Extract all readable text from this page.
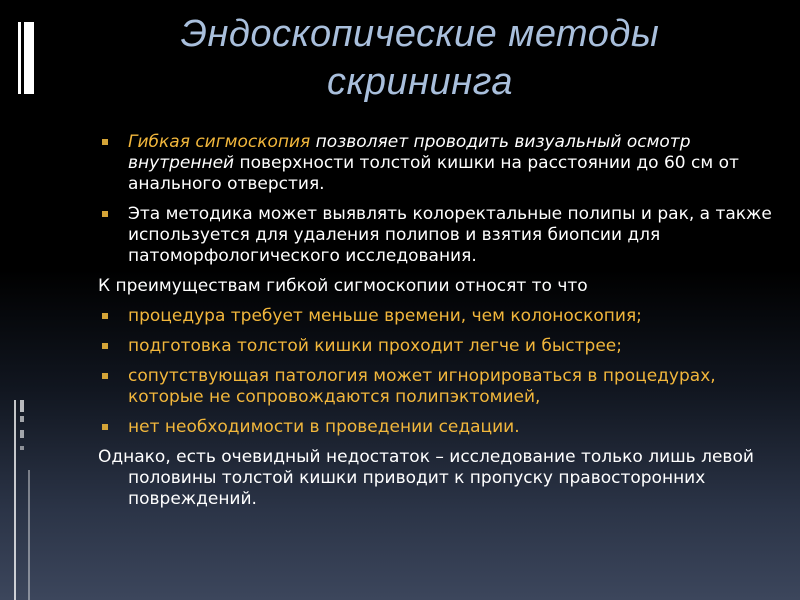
Эндоскопические методы
скрининга
Гибкая сигмоскопия позволяет проводить визуальный осмотр внутренней поверхности толстой кишки на расстоянии до 60 см от анального отверстия.
Эта методика может выявлять колоректальные полипы и рак, а также используется для удаления полипов и взятия биопсии для патоморфологического исследования.
К преимуществам гибкой сигмоскопии относят то что
процедура требует меньше времени, чем колоноскопия;
подготовка толстой кишки проходит легче и быстрее;
сопутствующая патология может игнорироваться в процедурах, которые не сопровождаются полипэктомией,
нет необходимости в проведении седации.
Однако, есть очевидный недостаток – исследование только лишь левой половины толстой кишки приводит к пропуску правосторонних повреждений.
